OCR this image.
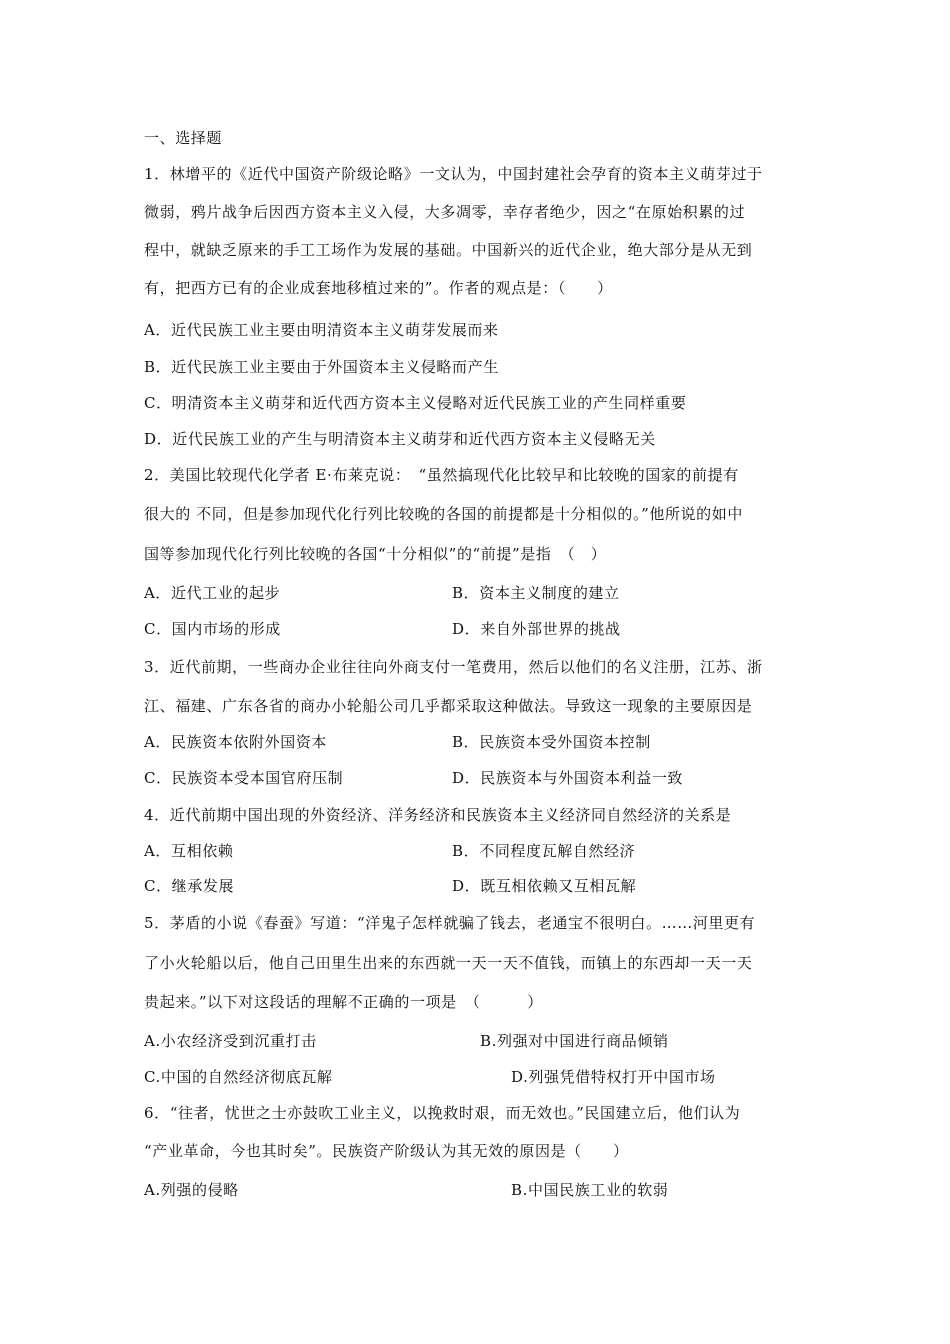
一、选择题
1．林增平的《近代中国资产阶级论略》一文认为，中国封建社会孕育的资本主义萌芽过于
微弱，鸦片战争后因西方资本主义入侵，大多凋零，幸存者绝少，因之“在原始积累的过
程中，就缺乏原来的手工工场作为发展的基础。中国新兴的近代企业，绝大部分是从无到
有，把西方已有的企业成套地移植过来的”。作者的观点是：（　　）
A．近代民族工业主要由明清资本主义萌芽发展而来
B．近代民族工业主要由于外国资本主义侵略而产生
C．明清资本主义萌芽和近代西方资本主义侵略对近代民族工业的产生同样重要
D．近代民族工业的产生与明清资本主义萌芽和近代西方资本主义侵略无关
2．美国比较现代化学者 E·布莱克说：　“虽然搞现代化比较早和比较晚的国家的前提有
很大的 不同，但是参加现代化行列比较晚的各国的前提都是十分相似的。”他所说的如中
国等参加现代化行列比较晚的各国“十分相似”的“前提”是指　（　）
A．近代工业的起步	B．资本主义制度的建立
C．国内市场的形成	D．来自外部世界的挑战
3．近代前期，一些商办企业往往向外商支付一笔费用，然后以他们的名义注册，江苏、浙
江、福建、广东各省的商办小轮船公司几乎都采取这种做法。导致这一现象的主要原因是
A．民族资本依附外国资本	B．民族资本受外国资本控制
C．民族资本受本国官府压制	D．民族资本与外国资本利益一致
4．近代前期中国出现的外资经济、洋务经济和民族资本主义经济同自然经济的关系是
A．互相依赖	B．不同程度瓦解自然经济
C．继承发展	D．既互相依赖又互相瓦解
5．茅盾的小说《春蚕》写道：“洋鬼子怎样就骗了钱去，老通宝不很明白。……河里更有
了小火轮船以后，他自己田里生出来的东西就一天一天不值钱，而镇上的东西却一天一天
贵起来。”以下对这段话的理解不正确的一项是　（　　　）
A.小农经济受到沉重打击	B.列强对中国进行商品倾销
C.中国的自然经济彻底瓦解	D.列强凭借特权打开中国市场
6．“往者，忧世之士亦鼓吹工业主义，以挽救时艰，而无效也。”民国建立后，他们认为
“产业革命，今也其时矣”。民族资产阶级认为其无效的原因是（　　）
A.列强的侵略	B.中国民族工业的软弱
